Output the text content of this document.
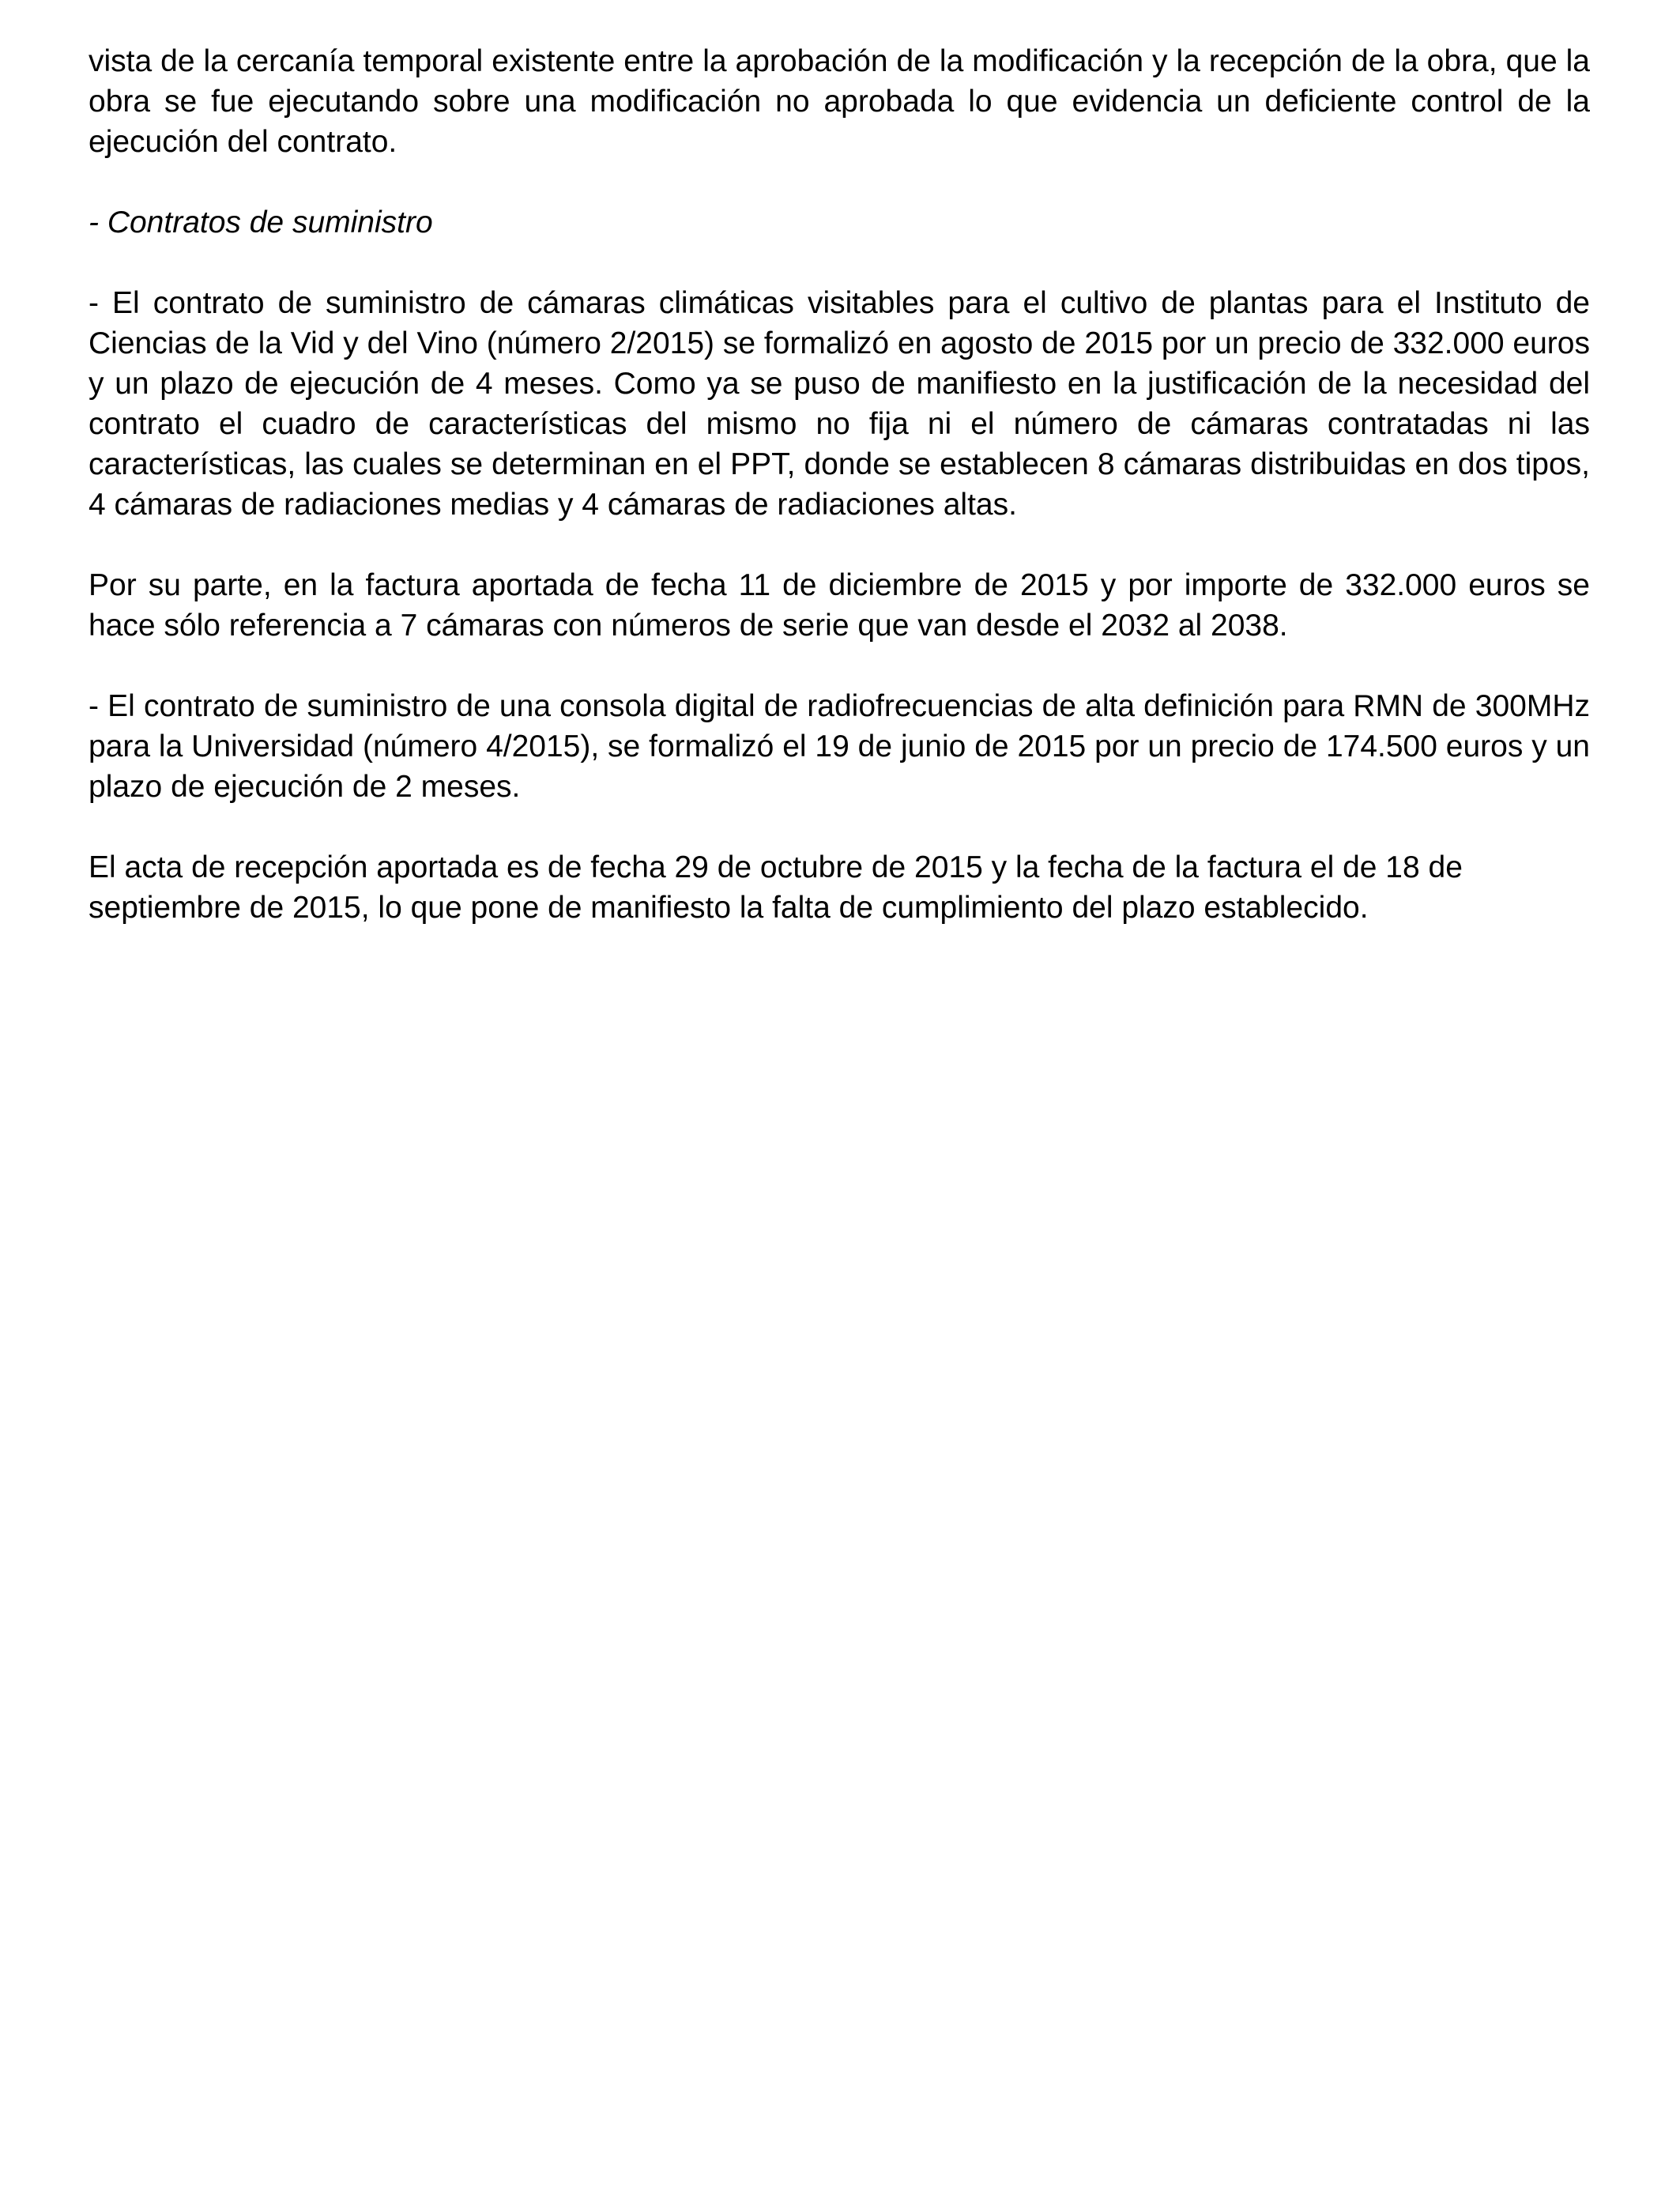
vista de la cercanía temporal existente entre la aprobación de la modificación y la recepción de la obra, que la obra se fue ejecutando sobre una modificación no aprobada lo que evidencia un deficiente control de la ejecución del contrato.

- Contratos de suministro

- El contrato de suministro de cámaras climáticas visitables para el cultivo de plantas para el Instituto de Ciencias de la Vid y del Vino (número 2/2015) se formalizó en agosto de 2015 por un precio de 332.000 euros y un plazo de ejecución de 4 meses. Como ya se puso de manifiesto en la justificación de la necesidad del contrato el cuadro de características del mismo no fija ni el número de cámaras contratadas ni las características, las cuales se determinan en el PPT, donde se establecen 8 cámaras distribuidas en dos tipos, 4 cámaras de radiaciones medias y 4 cámaras de radiaciones altas.

Por su parte, en la factura aportada de fecha 11 de diciembre de 2015 y por importe de 332.000 euros se hace sólo referencia a 7 cámaras con números de serie que van desde el 2032 al 2038.

- El contrato de suministro de una consola digital de radiofrecuencias de alta definición para RMN de 300MHz para la Universidad (número 4/2015), se formalizó el 19 de junio de 2015 por un precio de 174.500 euros y un plazo de ejecución de 2 meses.

El acta de recepción aportada es de fecha 29 de octubre de 2015 y la fecha de la factura el de 18 de septiembre de 2015, lo que pone de manifiesto la falta de cumplimiento del plazo establecido.
